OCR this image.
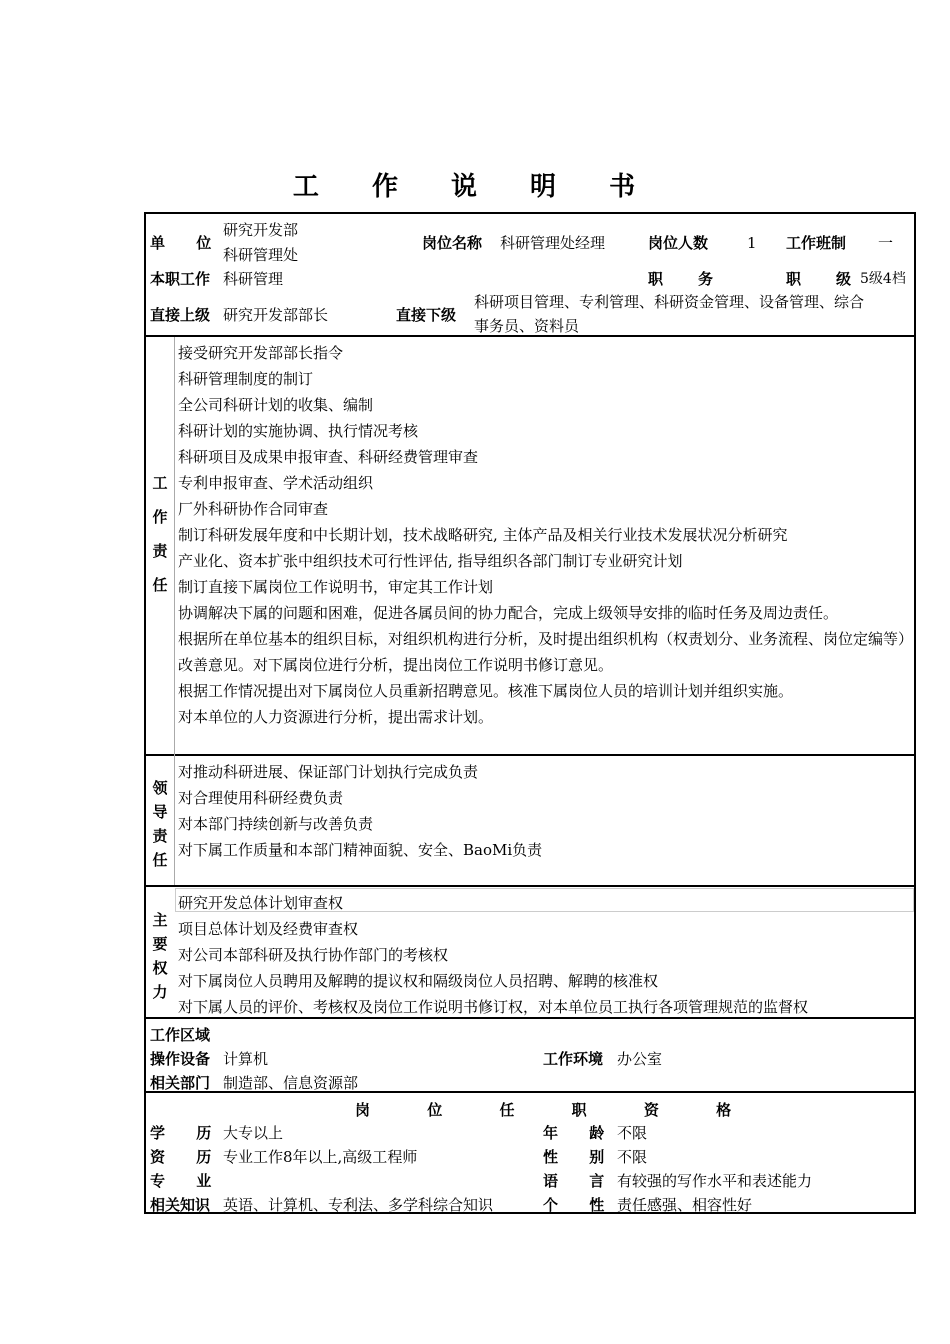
工 作 说 明 书
单 位
研究开发部
科研管理处
岗位名称 科研管理处经理	岗位人数	1 工作班制 一
本职工作 科研管理	职 务	职 级 5级4档
直接上级 研究开发部部长	直接下级
科研项目管理、专利管理、科研资金管理、设备管理、综合
事务员、资料员
工作责任
接受研究开发部部长指令
科研管理制度的制订
全公司科研计划的收集、编制
科研计划的实施协调、执行情况考核
科研项目及成果申报审查、科研经费管理审查
专利申报审查、学术活动组织
厂外科研协作合同审查
制订科研发展年度和中长期计划，技术战略研究, 主体产品及相关行业技术发展状况分析研究
产业化、资本扩张中组织技术可行性评估, 指导组织各部门制订专业研究计划
制订直接下属岗位工作说明书，审定其工作计划
协调解决下属的问题和困难，促进各属员间的协力配合，完成上级领导安排的临时任务及周边责任。
根据所在单位基本的组织目标，对组织机构进行分析，及时提出组织机构（权责划分、业务流程、岗位定编等）改善意见。对下属岗位进行分析，提出岗位工作说明书修订意见。
根据工作情况提出对下属岗位人员重新招聘意见。核准下属岗位人员的培训计划并组织实施。
对本单位的人力资源进行分析，提出需求计划。
领导责任
对推动科研进展、保证部门计划执行完成负责
对合理使用科研经费负责
对本部门持续创新与改善负责
对下属工作质量和本部门精神面貌、安全、BaoMi负责
主要权力
研究开发总体计划审查权
项目总体计划及经费审查权
对公司本部科研及执行协作部门的考核权
对下属岗位人员聘用及解聘的提议权和隔级岗位人员招聘、解聘的核准权
对下属人员的评价、考核权及岗位工作说明书修订权，对本单位员工执行各项管理规范的监督权
工作区域
操作设备 计算机	工作环境 办公室
相关部门 制造部、信息资源部
岗 位 任 职 资 格
学 历 大专以上	年 龄 不限
资 历 专业工作8年以上,高级工程师	性 别 不限
专 业	语 言 有较强的写作水平和表述能力
相关知识 英语、计算机、专利法、多学科综合知识	个 性 责任感强、相容性好
